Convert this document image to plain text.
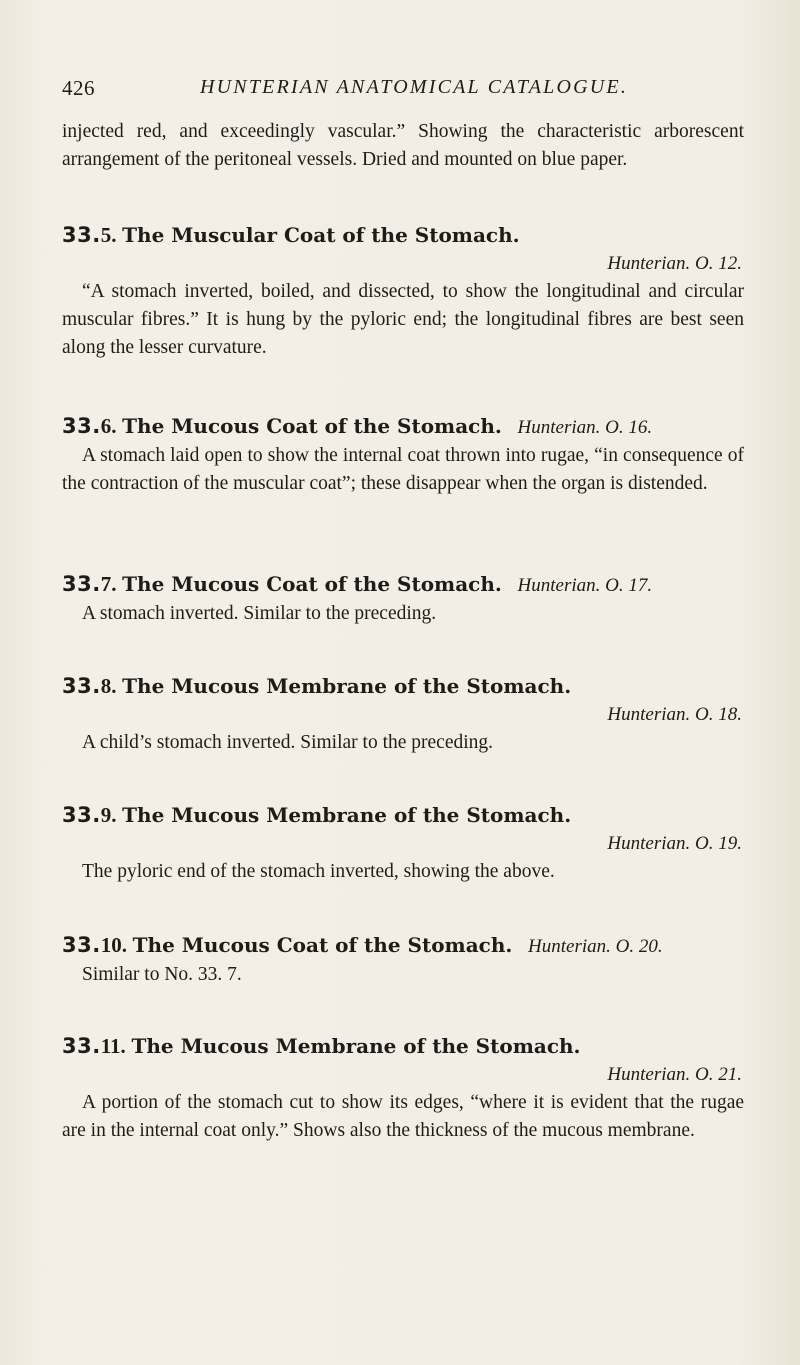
426	HUNTERIAN ANATOMICAL CATALOGUE.
injected red, and exceedingly vascular.” Showing the characteristic arborescent arrangement of the peritoneal vessels. Dried and mounted on blue paper.
33.5. The Muscular Coat of the Stomach.
Hunterian. O. 12.
“A stomach inverted, boiled, and dissected, to show the longitudinal and circular muscular fibres.” It is hung by the pyloric end; the longitudinal fibres are best seen along the lesser curvature.
33.6. The Mucous Coat of the Stomach. Hunterian. O. 16.
A stomach laid open to show the internal coat thrown into rugae, “in consequence of the contraction of the muscular coat”; these disappear when the organ is distended.
33.7. The Mucous Coat of the Stomach. Hunterian. O. 17.
A stomach inverted. Similar to the preceding.
33.8. The Mucous Membrane of the Stomach.
Hunterian. O. 18.
A child’s stomach inverted. Similar to the preceding.
33.9. The Mucous Membrane of the Stomach.
Hunterian. O. 19.
The pyloric end of the stomach inverted, showing the above.
33.10. The Mucous Coat of the Stomach. Hunterian. O. 20.
Similar to No. 33. 7.
33.11. The Mucous Membrane of the Stomach.
Hunterian. O. 21.
A portion of the stomach cut to show its edges, “where it is evident that the rugae are in the internal coat only.” Shows also the thickness of the mucous membrane.
